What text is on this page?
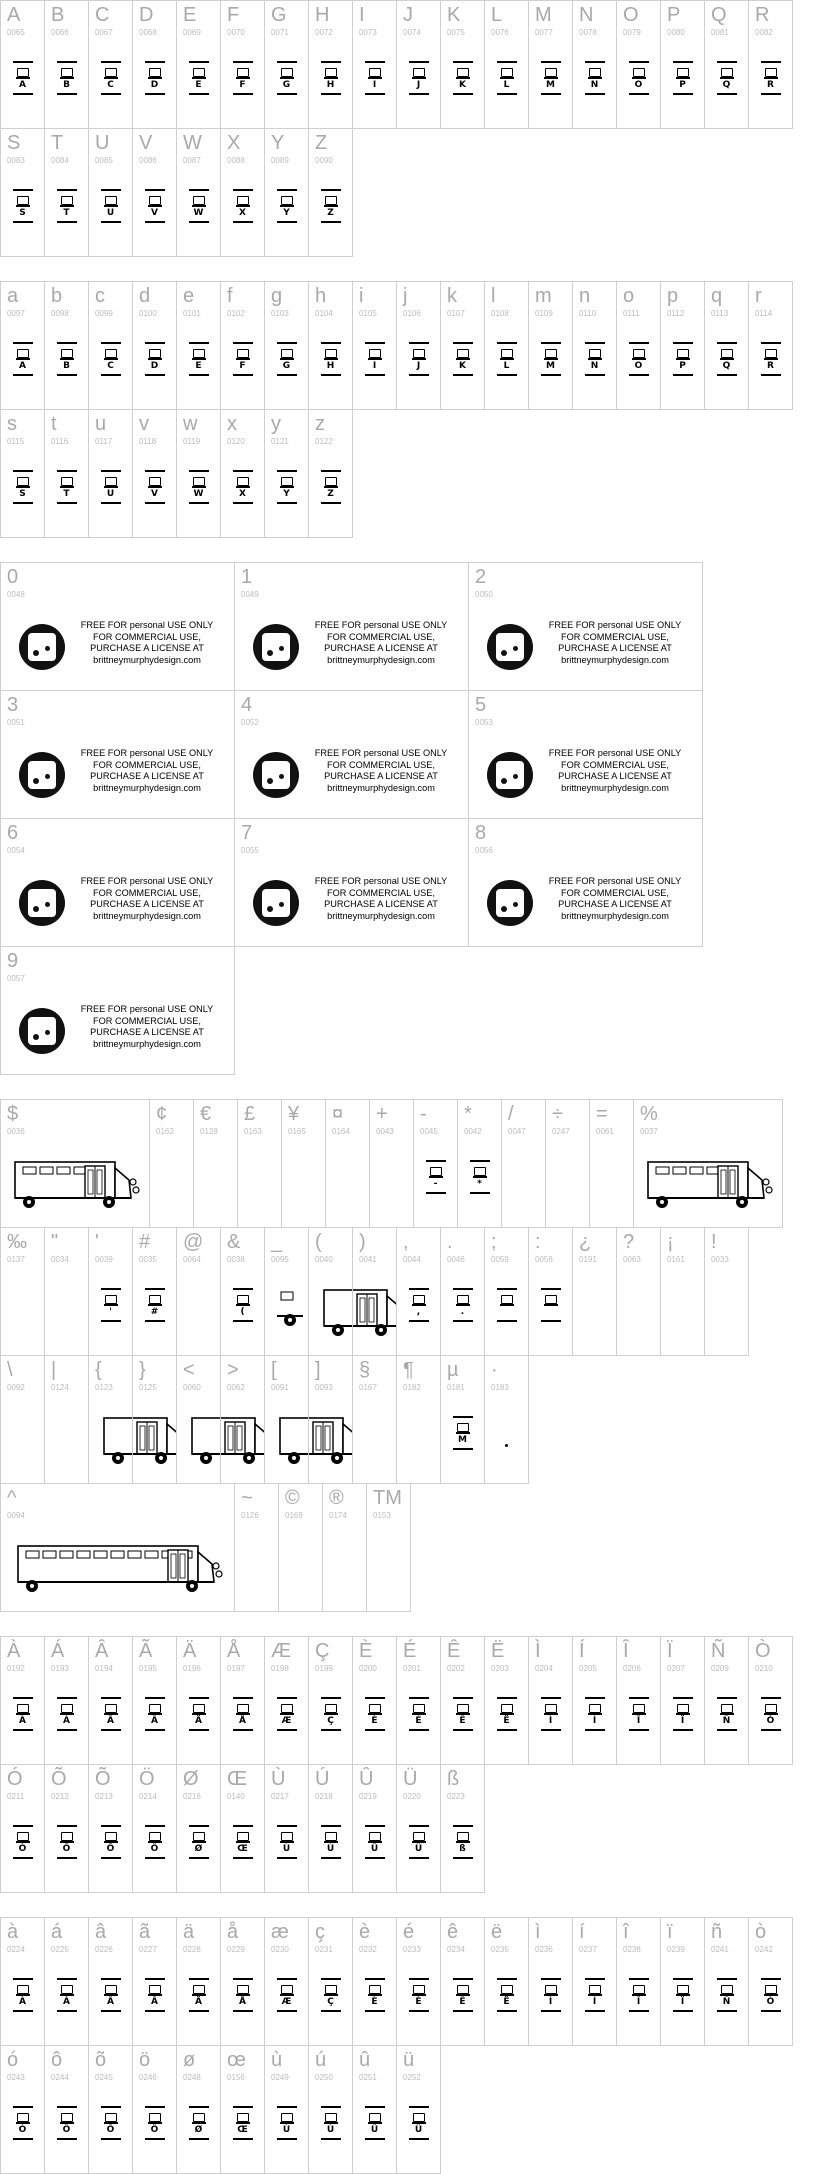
A
0065
A
B
0066
B
C
0067
C
D
0068
D
E
0069
E
F
0070
F
G
0071
G
H
0072
H
I
0073
I
J
0074
J
K
0075
K
L
0076
L
M
0077
M
N
0078
N
O
0079
O
P
0080
P
Q
0081
Q
R
0082
R
S
0083
S
T
0084
T
U
0085
U
V
0086
V
W
0087
W
X
0088
X
Y
0089
Y
Z
0090
Z
a
0097
A
b
0098
B
c
0099
C
d
0100
D
e
0101
E
f
0102
F
g
0103
G
h
0104
H
i
0105
I
j
0106
J
k
0107
K
l
0108
L
m
0109
M
n
0110
N
o
0111
O
p
0112
P
q
0113
Q
r
0114
R
s
0115
S
t
0116
T
u
0117
U
v
0118
V
w
0119
W
x
0120
X
y
0121
Y
z
0122
Z
0
0048
FREE FOR personal USE ONLY
FOR COMMERCIAL USE,
PURCHASE A LICENSE AT
brittneymurphydesign.com
1
0049
FREE FOR personal USE ONLY
FOR COMMERCIAL USE,
PURCHASE A LICENSE AT
brittneymurphydesign.com
2
0050
FREE FOR personal USE ONLY
FOR COMMERCIAL USE,
PURCHASE A LICENSE AT
brittneymurphydesign.com
3
0051
FREE FOR personal USE ONLY
FOR COMMERCIAL USE,
PURCHASE A LICENSE AT
brittneymurphydesign.com
4
0052
FREE FOR personal USE ONLY
FOR COMMERCIAL USE,
PURCHASE A LICENSE AT
brittneymurphydesign.com
5
0053
FREE FOR personal USE ONLY
FOR COMMERCIAL USE,
PURCHASE A LICENSE AT
brittneymurphydesign.com
6
0054
FREE FOR personal USE ONLY
FOR COMMERCIAL USE,
PURCHASE A LICENSE AT
brittneymurphydesign.com
7
0055
FREE FOR personal USE ONLY
FOR COMMERCIAL USE,
PURCHASE A LICENSE AT
brittneymurphydesign.com
8
0056
FREE FOR personal USE ONLY
FOR COMMERCIAL USE,
PURCHASE A LICENSE AT
brittneymurphydesign.com
9
0057
FREE FOR personal USE ONLY
FOR COMMERCIAL USE,
PURCHASE A LICENSE AT
brittneymurphydesign.com
$
0036
¢
0162
€
0128
£
0163
¥
0165
¤
0164
+
0043
-
0045
-
*
0042
*
/
0047
÷
0247
=
0061
%
0037
‰
0137
"
0034
'
0039
'
#
0035
#
@
0064
&
0038
(
_
0095
(
0040
)
0041
,
0044
,
.
0046
.
;
0059
:
0058
¿
0191
?
0063
¡
0161
!
0033
\
0092
|
0124
{
0123
}
0125
<
0060
>
0062
[
0091
]
0093
§
0167
¶
0182
µ
0181
M
·
0183
^
0094
~
0126
©
0169
®
0174
TM
0153
À
0192
À
Á
0193
Á
Â
0194
Â
Ã
0195
Ã
Ä
0196
Ä
Å
0197
Å
Æ
0198
Æ
Ç
0199
Ç
È
0200
È
É
0201
É
Ê
0202
Ê
Ë
0203
Ë
Ì
0204
Ì
Í
0205
Í
Î
0206
Î
Ï
0207
Ï
Ñ
0209
Ñ
Ò
0210
Ò
Ó
0211
Ó
Õ
0212
Õ
Õ
0213
Õ
Ö
0214
Ö
Ø
0216
Ø
Œ
0140
Œ
Ù
0217
Ù
Ú
0218
Ú
Û
0219
Û
Ü
0220
Ü
ß
0223
ß
à
0224
À
á
0225
Á
â
0226
Â
ã
0227
Ã
ä
0228
Ä
å
0229
Å
æ
0230
Æ
ç
0231
Ç
è
0232
È
é
0233
É
ê
0234
Ê
ë
0235
Ë
ì
0236
Ì
í
0237
Í
î
0238
Î
ï
0239
Ï
ñ
0241
Ñ
ò
0242
Ò
ó
0243
Ó
ô
0244
Ô
õ
0245
Õ
ö
0246
Ö
ø
0248
Ø
œ
0156
Œ
ù
0249
Ù
ú
0250
Ú
û
0251
Û
ü
0252
Ü
